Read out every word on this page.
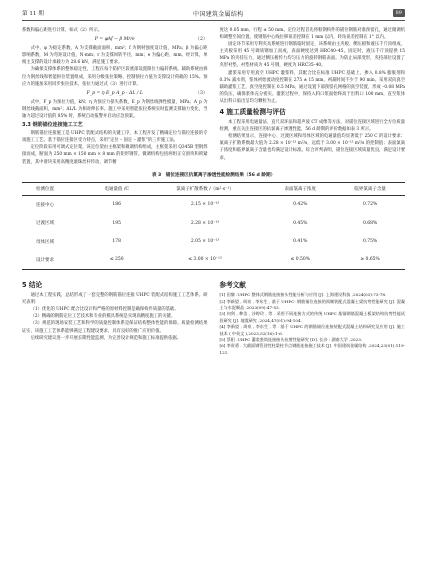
第 11 期	中国建筑金属结构	89

系数和偏心距进行计算，如式（2）所示。

P = φAf − β Mr/e	（2）

式中，φ 为稳定系数，A 为支撑截面面积，mm²；f 为钢材强度设计值，MPa；β 为偏心距影响系数，M 为弯矩设计值，N·mm；r 为支撑回转半径，mm；e 为偏心距，mm。经计算，单根主支撑的设计承载力为 28.6 kN，满足施工要求。

为确保支撑体系的整体稳定性，工程在每个防护区段底部设置限位力偏转系统。辅助系统由拆位力钢丝线和智能拆位装置组成，采用分级张拉策略，控制预拉力值为支撑设计荷载的 15%。预应力的施加采用同步张拉技术，张拉力通过式（3）进行计算。

F_p = η E_p A_p · ΔL / L	（3）

式中，F_p 为预拉力值，kN；η 为预应力损失系数，E_p 为钢丝线弹性模量，MPa；A_p 为钢丝线截面积，mm²；ΔL/L 为相对伸长率。施工中采用智能张拉系统实时监测支撑轴力变化，当轴力超过设计值的 85% 时，系统自动报警并启动应急预案。

3.3 钢筋锚位连接施工工艺

钢筋锚位连接施工是 UHPC 装配式结构的关键工序，本工程开发了精确定位与锚位连接的专项施工工艺。基于锚位连接区受力特点，采用“定位 – 固定 – 灌浆”的三步施工法。

定位阶段采用可调式定位架，该定位架由主框架和微调机构组成，主框架采用 Q345B 型钢焊接而成，断面为 250 mm × 150 mm × 8 mm 的矩形钢管。微调机构包括两组正交滑块和锁紧装置，其中滑块采用高精度滚珠丝杆传动，调节精

度达 0.05 mm，行程 ± 50 mm。定位过程首先将框钢构件的锚位钢筋对准预留孔，通过微调机构调整至间位置，使钢筋中心线位移误差控制在 1 mm 以内，转角误差控制在 1° 以内。

固定环节采用专利夹具系统进行钢筋临时固定，该系统由主夹板、侧压板和液压千斤顶组成，主夹板采用 45 号调质钢加工而成，表面硬度达到 HRC40–45。固定时，液压千斤顶提供 15 MPa 的夹持压力，通过侧压板传力均匀压力的旋转钢筋表面。为防止局部变形，夹持部位设置了夹形衬垫，衬垫材质为 45 号钢，硬度为 HRC35–40。

灌浆采用专用真空 UHPC 灌浆料，其配合比在标准 UHPC 基础上，掺入 0.8% 膨胀剂和 0.3% 减水剂，浆体初始流动度控制在 275 ± 15 mm，初凝时间不少于 90 min。采用双向真空辅助灌浆工艺，真空度控制在 0.5 MPa，通过设置下部预留孔网格的真空装置，形成 –0.08 MPa 的负压，确保浆体充分密实。灌浆过程中，保持入料口浆面始终高于出料口 100 mm，直至浆体从出料口溢出呈均匀颗粒为止。

4 施工质量检测与评估

本工程采用电通量法、直尺双环法和超声波 CT 成像等方法，对锚位连接区域进行全方位质量检测，重点关注连接区的抗氯离子渗透性能，56 d 龄期的评价数据如表 3 所示。

检测结果显示，连接中心、过渡区域和母体区域的电通量值均显著低于 250 C 的设计要求；氯离子扩散系数最大值为 2.28 × 10⁻¹³ m²/s，远低于 3.00 × 10⁻¹³ m²/s 的控制值；表面氯离子浓度和临界氯离子含量也均满足设计标准。综合评判表明，锚位连接区域质量优良，满足设计要求。

表 3　锚位连接区抗氯离子渗透性能检测结果（56 d 龄期）
检测位置	电通量值 /C	氯离子扩散系数 /（m²·s⁻¹）	表面氯离子浓度	临界氯离子含量
连接中心	186	2.15 × 10⁻¹³	0.42%	0.72%
过渡区域	195	2.28 × 10⁻¹³	0.45%	0.68%
母体区域	178	2.05 × 10⁻¹³	0.41%	0.75%
设计要求	≤ 250	≤ 3.00 × 10⁻¹³	≤ 0.50%	≥ 0.65%
5 结论

通过本工程实践，总结形成了一套完整的钢筋锚位连接 UHPC 装配式结构施工工艺体系。研究表明：

（1）优化的 UHPC 配合比设计和严格的原材料控制是确保构件质量的基础。

（2）精确的钢筋定位工艺技术和专业的模具系统是实现高精度施工的关键。

（3）规范的现场安装工艺和科学的质量控制体系是保证结构整体性能的保障。质量检测结果证实，该施工工艺体系能够满足工程建设要求，具有良好的推广应用价值。

后续研究建议进一步开展长期性能监测，为完善设计规范和施工标准提供依据。

参考文献
[1] 田黎 .UHPC 整体式钢筋连接接头性能分析与应用 [J]. 上海建设科技 ,2024(03):73-78.
[2] 李新望 , 周泉 , 李东生 , 基于 UHPC- 钢筋锚位连接的预制装配式混凝土梁抗弯性能研究 [J]. 混凝土与水泥制品 ,2023(09):47-53.
[3] 何剑 , 种浩 , 沙婷玲 , 等 . 采用不同连接方式的传统 UHPC 基锚钢筋混凝土板架结构抗弯性能试验研究 [J]. 地震研究 ,2024,47(01):94-104.
[4] 李新望 , 周泉 , 李东生 , 等 . 基于 UHPC 的钢筋锚位连接装配式混凝土结构研究及应用 [J]. 施工技术 ( 中英文 ),2023,52(16):1-6.
[5] 蔡阳 .UHPC 灌浆套筒连接接头抗剪性能研究 [D]. 长沙 : 湖南大学 ,2023.
[6] 李贵勇 . 大截面钢管劲性柱梁柱节点钢筋连接施工技术 [J]. 中国建筑金属结构 ,2024,23(01):119-121.
